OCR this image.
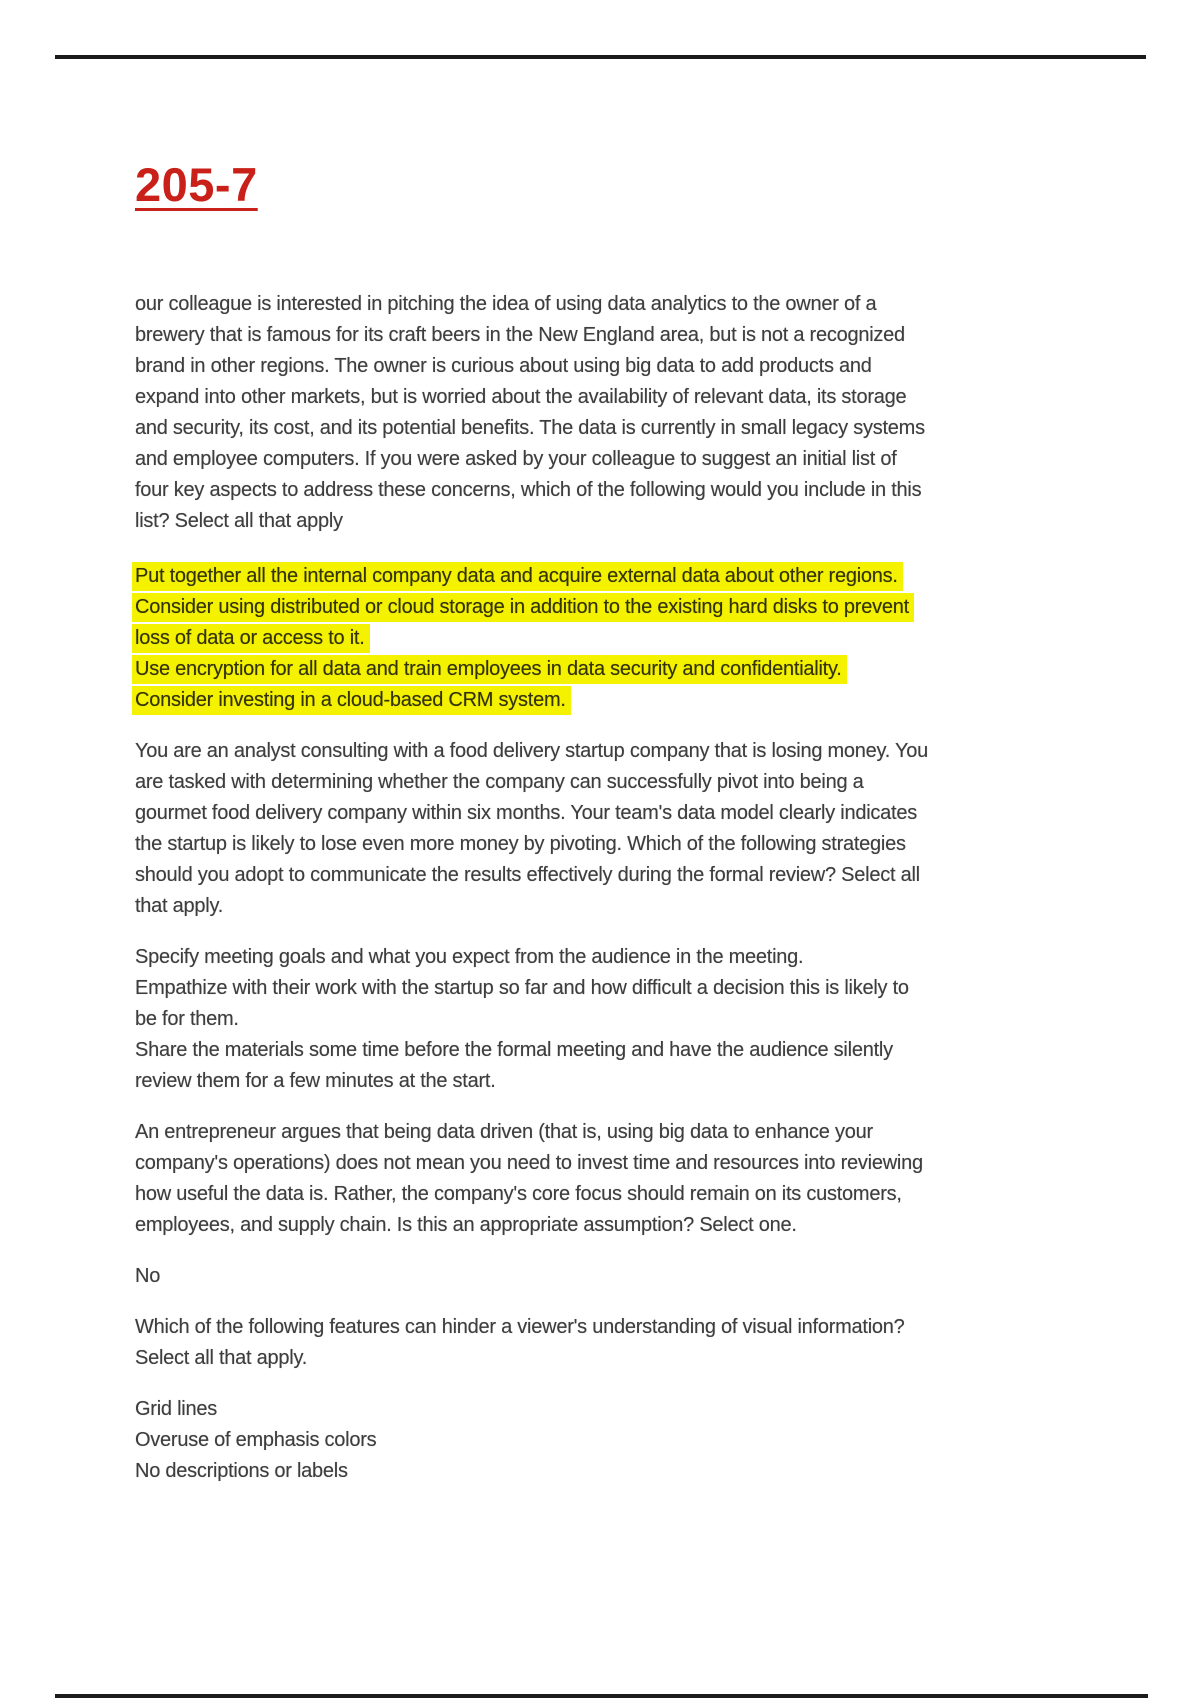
205-7
our colleague is interested in pitching the idea of using data analytics to the owner of a
brewery that is famous for its craft beers in the New England area, but is not a recognized
brand in other regions. The owner is curious about using big data to add products and
expand into other markets, but is worried about the availability of relevant data, its storage
and security, its cost, and its potential benefits. The data is currently in small legacy systems
and employee computers. If you were asked by your colleague to suggest an initial list of
four key aspects to address these concerns, which of the following would you include in this
list? Select all that apply
Put together all the internal company data and acquire external data about other regions.
Consider using distributed or cloud storage in addition to the existing hard disks to prevent
loss of data or access to it.
Use encryption for all data and train employees in data security and confidentiality.
Consider investing in a cloud-based CRM system.
You are an analyst consulting with a food delivery startup company that is losing money. You
are tasked with determining whether the company can successfully pivot into being a
gourmet food delivery company within six months. Your team's data model clearly indicates
the startup is likely to lose even more money by pivoting. Which of the following strategies
should you adopt to communicate the results effectively during the formal review? Select all
that apply.
Specify meeting goals and what you expect from the audience in the meeting.
Empathize with their work with the startup so far and how difficult a decision this is likely to
be for them.
Share the materials some time before the formal meeting and have the audience silently
review them for a few minutes at the start.
An entrepreneur argues that being data driven (that is, using big data to enhance your
company's operations) does not mean you need to invest time and resources into reviewing
how useful the data is. Rather, the company's core focus should remain on its customers,
employees, and supply chain. Is this an appropriate assumption? Select one.
No
Which of the following features can hinder a viewer's understanding of visual information?
Select all that apply.
Grid lines
Overuse of emphasis colors
No descriptions or labels
